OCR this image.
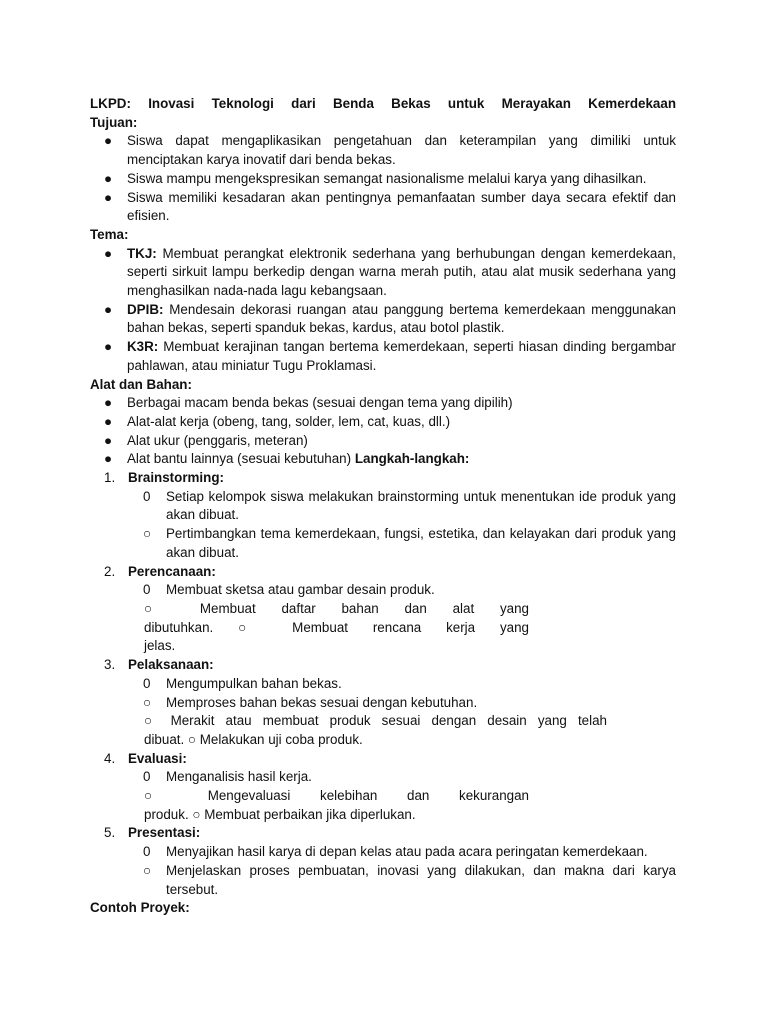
LKPD: Inovasi Teknologi dari Benda Bekas untuk Merayakan Kemerdekaan
Tujuan:
● Siswa dapat mengaplikasikan pengetahuan dan keterampilan yang dimiliki untuk menciptakan karya inovatif dari benda bekas.
● Siswa mampu mengekspresikan semangat nasionalisme melalui karya yang dihasilkan.
● Siswa memiliki kesadaran akan pentingnya pemanfaatan sumber daya secara efektif dan efisien.
Tema:
● TKJ: Membuat perangkat elektronik sederhana yang berhubungan dengan kemerdekaan, seperti sirkuit lampu berkedip dengan warna merah putih, atau alat musik sederhana yang menghasilkan nada-nada lagu kebangsaan.
● DPIB: Mendesain dekorasi ruangan atau panggung bertema kemerdekaan menggunakan bahan bekas, seperti spanduk bekas, kardus, atau botol plastik.
● K3R: Membuat kerajinan tangan bertema kemerdekaan, seperti hiasan dinding bergambar pahlawan, atau miniatur Tugu Proklamasi.
Alat dan Bahan:
● Berbagai macam benda bekas (sesuai dengan tema yang dipilih)
● Alat-alat kerja (obeng, tang, solder, lem, cat, kuas, dll.)
● Alat ukur (penggaris, meteran)
● Alat bantu lainnya (sesuai kebutuhan) Langkah-langkah:
1. Brainstorming:
0 Setiap kelompok siswa melakukan brainstorming untuk menentukan ide produk yang akan dibuat.
○ Pertimbangkan tema kemerdekaan, fungsi, estetika, dan kelayakan dari produk yang akan dibuat.
2. Perencanaan:
0 Membuat sketsa atau gambar desain produk.
○ Membuat daftar bahan dan alat yang
dibutuhkan. ○ Membuat rencana kerja yang
jelas.
3. Pelaksanaan:
0 Mengumpulkan bahan bekas.
○ Memproses bahan bekas sesuai dengan kebutuhan.
○ Merakit atau membuat produk sesuai dengan desain yang telah
dibuat. ○ Melakukan uji coba produk.
4. Evaluasi:
0 Menganalisis hasil kerja.
○ Mengevaluasi kelebihan dan kekurangan
produk. ○ Membuat perbaikan jika diperlukan.
5. Presentasi:
0 Menyajikan hasil karya di depan kelas atau pada acara peringatan kemerdekaan.
○ Menjelaskan proses pembuatan, inovasi yang dilakukan, dan makna dari karya tersebut.
Contoh Proyek:
